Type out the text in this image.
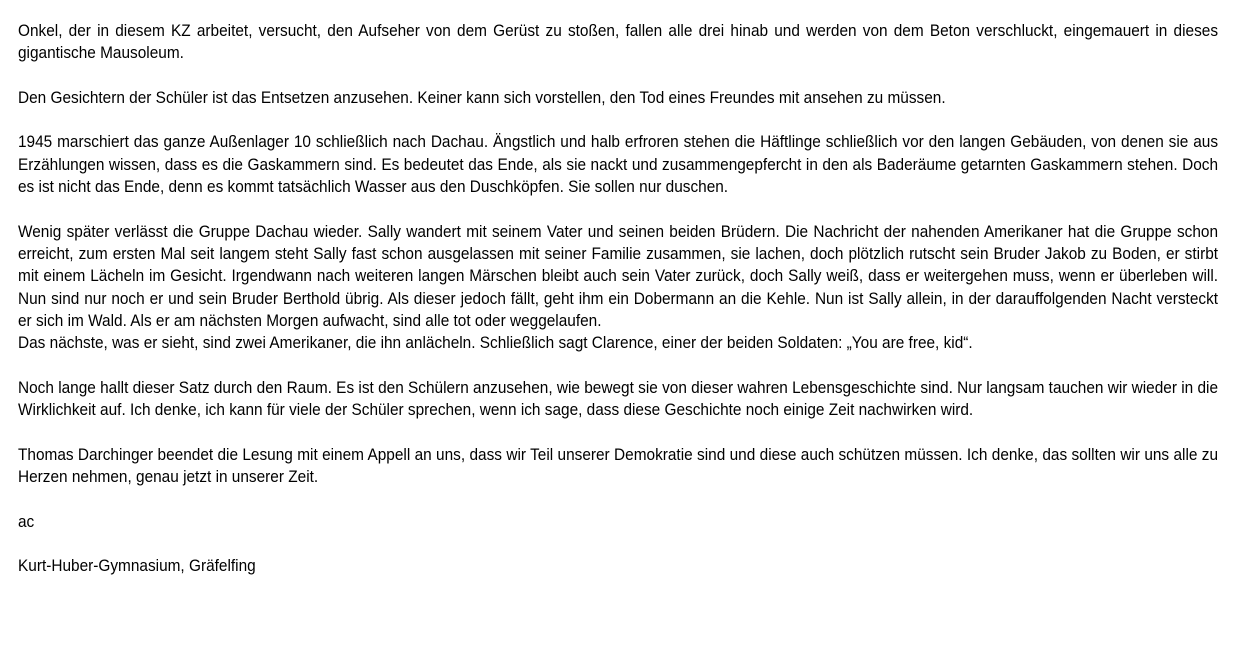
Onkel, der in diesem KZ arbeitet, versucht, den Aufseher von dem Gerüst zu stoßen, fallen alle drei hinab und werden von dem Beton verschluckt, eingemauert in dieses gigantische Mausoleum.

Den Gesichtern der Schüler ist das Entsetzen anzusehen. Keiner kann sich vorstellen, den Tod eines Freundes mit ansehen zu müssen.

1945 marschiert das ganze Außenlager 10 schließlich nach Dachau. Ängstlich und halb erfroren stehen die Häftlinge schließlich vor den langen Gebäuden, von denen sie aus Erzählungen wissen, dass es die Gaskammern sind. Es bedeutet das Ende, als sie nackt und zusammengepfercht in den als Baderäume getarnten Gaskammern stehen. Doch es ist nicht das Ende, denn es kommt tatsächlich Wasser aus den Duschköpfen. Sie sollen nur duschen.

Wenig später verlässt die Gruppe Dachau wieder. Sally wandert mit seinem Vater und seinen beiden Brüdern. Die Nachricht der nahenden Amerikaner hat die Gruppe schon erreicht, zum ersten Mal seit langem steht Sally fast schon ausgelassen mit seiner Familie zusammen, sie lachen, doch plötzlich rutscht sein Bruder Jakob zu Boden, er stirbt mit einem Lächeln im Gesicht. Irgendwann nach weiteren langen Märschen bleibt auch sein Vater zurück, doch Sally weiß, dass er weitergehen muss, wenn er überleben will. Nun sind nur noch er und sein Bruder Berthold übrig. Als dieser jedoch fällt, geht ihm ein Dobermann an die Kehle. Nun ist Sally allein, in der darauffolgenden Nacht versteckt er sich im Wald. Als er am nächsten Morgen aufwacht, sind alle tot oder weggelaufen.

Das nächste, was er sieht, sind zwei Amerikaner, die ihn anlächeln. Schließlich sagt Clarence, einer der beiden Soldaten: „You are free, kid“.

Noch lange hallt dieser Satz durch den Raum. Es ist den Schülern anzusehen, wie bewegt sie von dieser wahren Lebensgeschichte sind. Nur langsam tauchen wir wieder in die Wirklichkeit auf. Ich denke, ich kann für viele der Schüler sprechen, wenn ich sage, dass diese Geschichte noch einige Zeit nachwirken wird.

Thomas Darchinger beendet die Lesung mit einem Appell an uns, dass wir Teil unserer Demokratie sind und diese auch schützen müssen. Ich denke, das sollten wir uns alle zu Herzen nehmen, genau jetzt in unserer Zeit.

ac

Kurt-Huber-Gymnasium, Gräfelfing
